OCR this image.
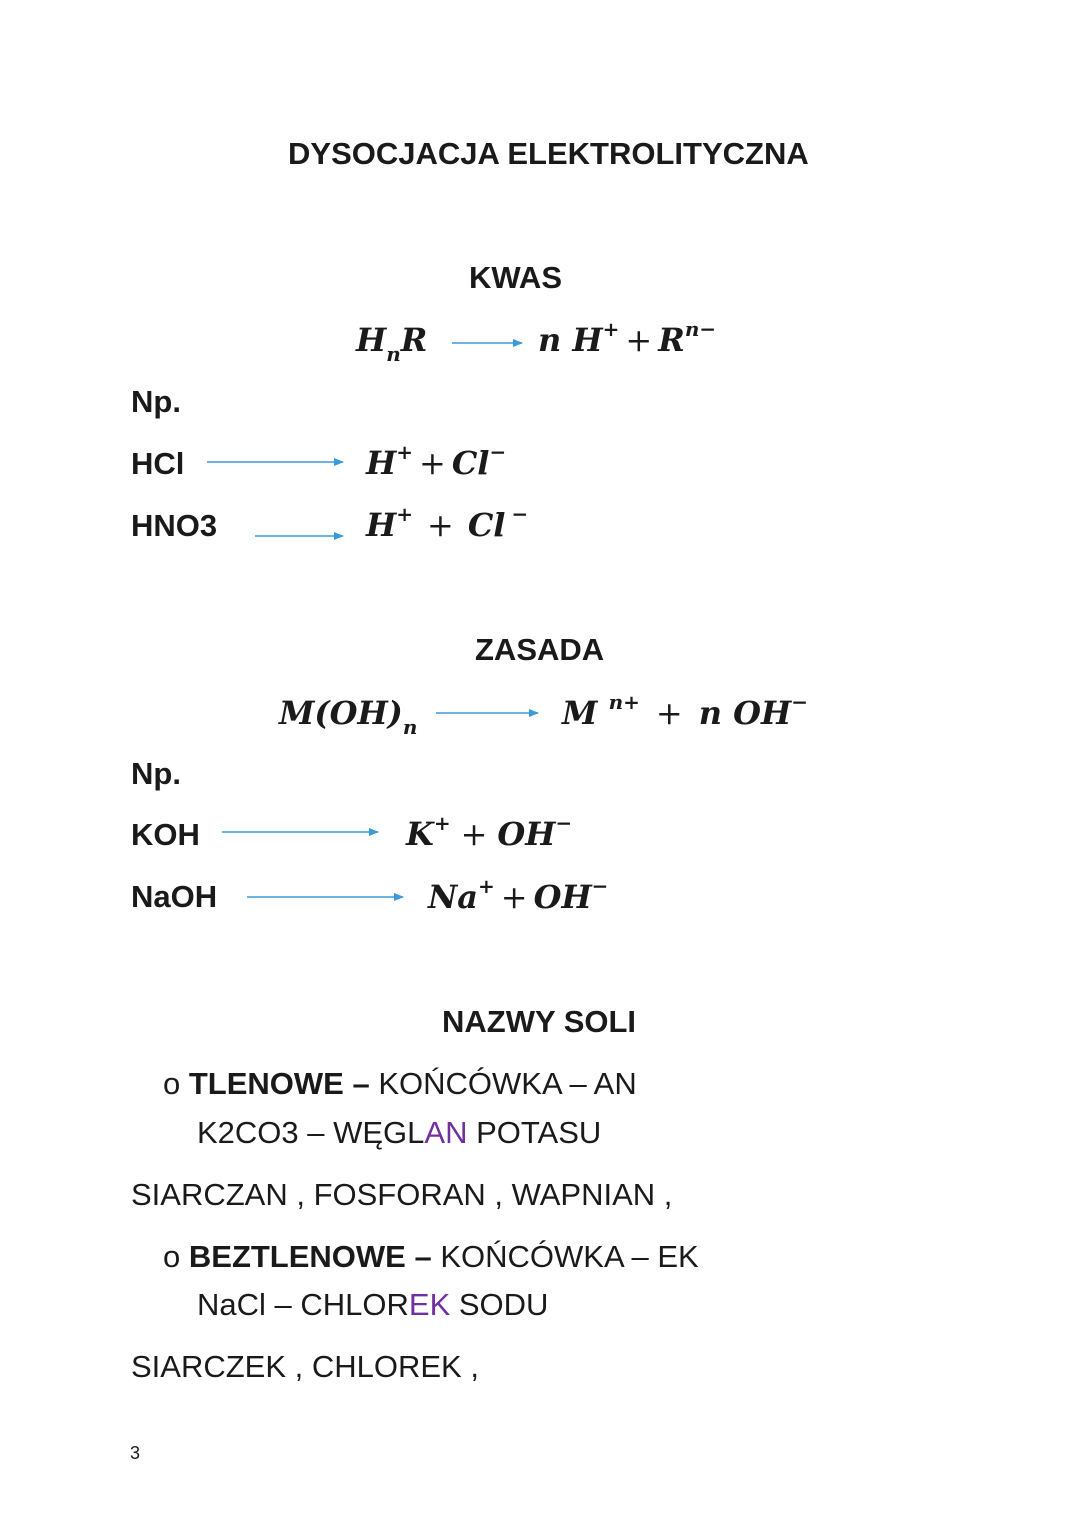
DYSOCJACJA ELEKTROLITYCZNA
KWAS
$H_nR$	n $H^+ + R^{n-}$
Np.
HCl	H+ + Cl−
HNO3	H+ + Cl −
ZASADA
$M(OH)_n$	M $^{n+}$ + n OH−
Np.
KOH	K+ + OH−
NaOH	Na+ + OH−
NAZWY SOLI
o TLENOWE – KOŃCÓWKA – AN
K2CO3 – WĘGLAN POTASU
SIARCZAN , FOSFORAN , WAPNIAN ,
o BEZTLENOWE – KOŃCÓWKA – EK
NaCl – CHLOREK SODU
SIARCZEK , CHLOREK ,
3
